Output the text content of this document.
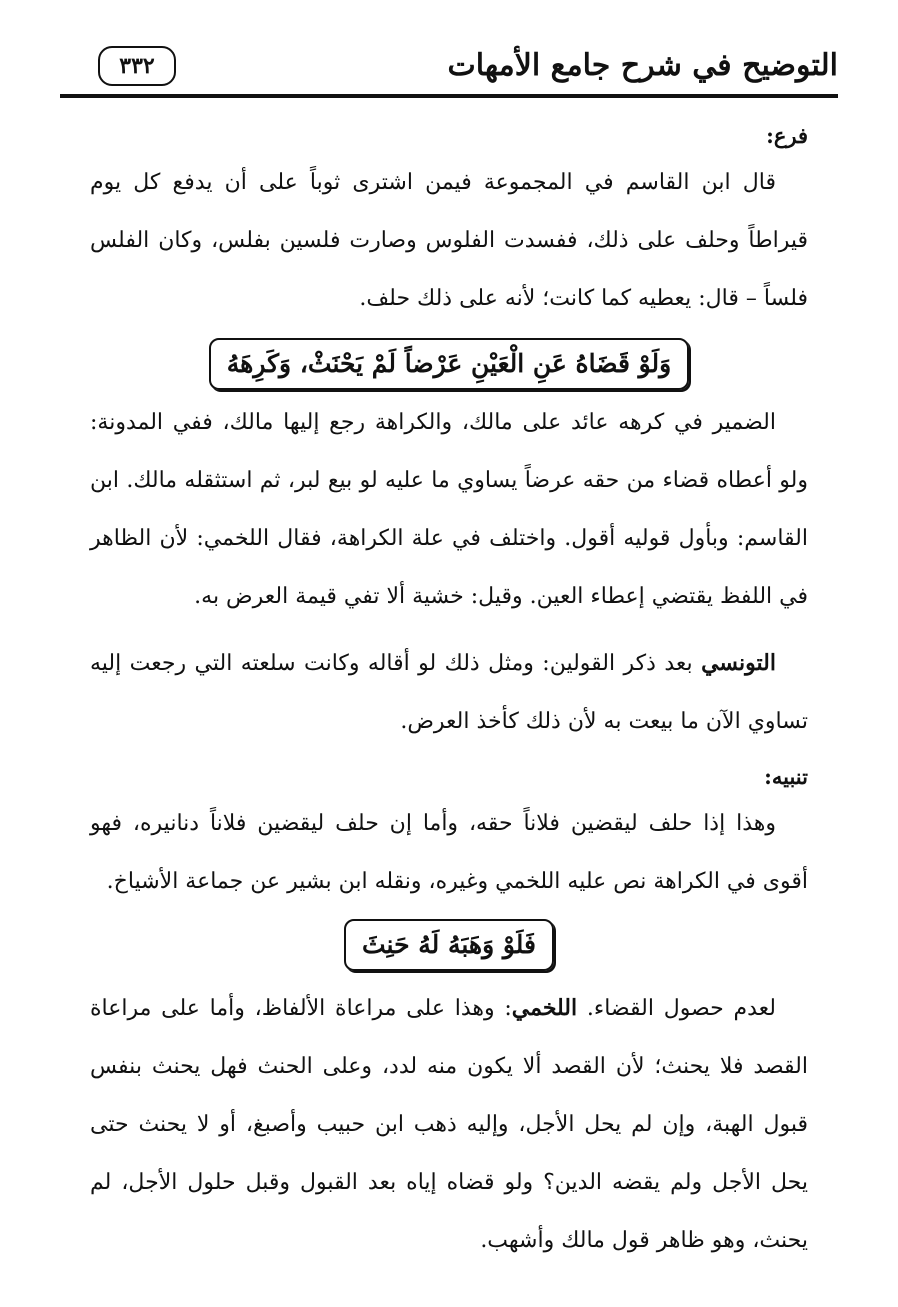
التوضيح في شرح جامع الأمهات
٣٣٢

فرع:

قال ابن القاسم في المجموعة فيمن اشترى ثوباً على أن يدفع كل يوم قيراطاً وحلف على ذلك، ففسدت الفلوس وصارت فلسين بفلس، وكان الفلس فلساً – قال: يعطيه كما كانت؛ لأنه على ذلك حلف.

وَلَوْ قَضَاهُ عَنِ الْعَيْنِ عَرْضاً لَمْ يَحْنَثْ، وَكَرِهَهُ

الضمير في كرهه عائد على مالك، والكراهة رجع إليها مالك، ففي المدونة: ولو أعطاه قضاء من حقه عرضاً يساوي ما عليه لو بيع لبر، ثم استثقله مالك. ابن القاسم: وبأول قوليه أقول. واختلف في علة الكراهة، فقال اللخمي: لأن الظاهر في اللفظ يقتضي إعطاء العين. وقيل: خشية ألا تفي قيمة العرض به.

التونسي بعد ذكر القولين: ومثل ذلك لو أقاله وكانت سلعته التي رجعت إليه تساوي الآن ما بيعت به لأن ذلك كأخذ العرض.

تنبيه:

وهذا إذا حلف ليقضين فلاناً حقه، وأما إن حلف ليقضين فلاناً دنانيره، فهو أقوى في الكراهة نص عليه اللخمي وغيره، ونقله ابن بشير عن جماعة الأشياخ.

فَلَوْ وَهَبَهُ لَهُ حَنِثَ

لعدم حصول القضاء. اللخمي: وهذا على مراعاة الألفاظ، وأما على مراعاة القصد فلا يحنث؛ لأن القصد ألا يكون منه لدد، وعلى الحنث فهل يحنث بنفس قبول الهبة، وإن لم يحل الأجل، وإليه ذهب ابن حبيب وأصبغ، أو لا يحنث حتى يحل الأجل ولم يقضه الدين؟ ولو قضاه إياه بعد القبول وقبل حلول الأجل، لم يحنث، وهو ظاهر قول مالك وأشهب.
